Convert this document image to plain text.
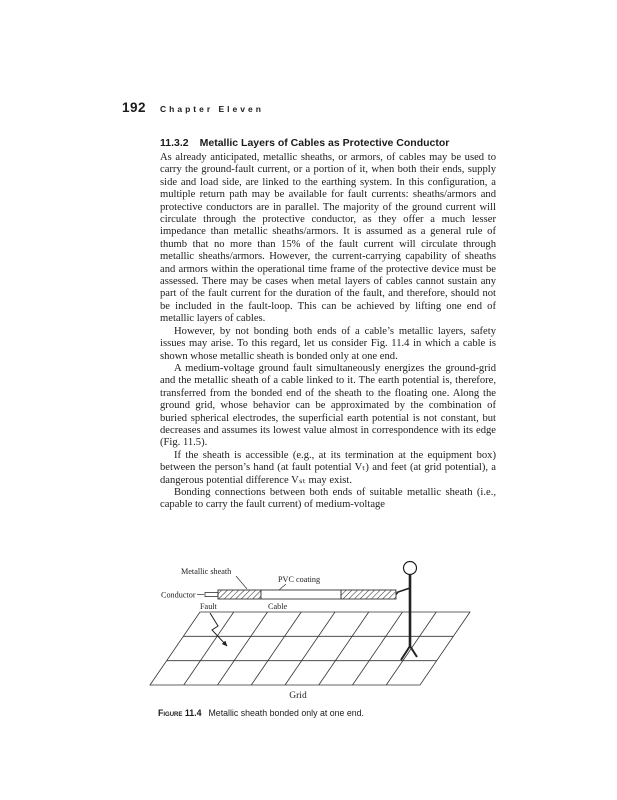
192 Chapter Eleven
11.3.2 Metallic Layers of Cables as Protective Conductor

As already anticipated, metallic sheaths, or armors, of cables may be used to carry the ground-fault current, or a portion of it, when both their ends, supply side and load side, are linked to the earthing system. In this configuration, a multiple return path may be available for fault currents: sheaths/armors and protective conductors are in parallel. The majority of the ground current will circulate through the protective conductor, as they offer a much lesser impedance than metallic sheaths/armors. It is assumed as a general rule of thumb that no more than 15% of the fault current will circulate through metallic sheaths/armors. However, the current-carrying capability of sheaths and armors within the operational time frame of the protective device must be assessed. There may be cases when metal layers of cables cannot sustain any part of the fault current for the duration of the fault, and therefore, should not be included in the fault-loop. This can be achieved by lifting one end of metallic layers of cables.

However, by not bonding both ends of a cable’s metallic layers, safety issues may arise. To this regard, let us consider Fig. 11.4 in which a cable is shown whose metallic sheath is bonded only at one end.

A medium-voltage ground fault simultaneously energizes the ground-grid and the metallic sheath of a cable linked to it. The earth potential is, therefore, transferred from the bonded end of the sheath to the floating one. Along the ground grid, whose behavior can be approximated by the combination of buried spherical electrodes, the superficial earth potential is not constant, but decreases and assumes its lowest value almost in correspondence with its edge (Fig. 11.5).

If the sheath is accessible (e.g., at its termination at the equipment box) between the person’s hand (at fault potential Vₜ) and feet (at grid potential), a dangerous potential difference Vₛₜ may exist.

Bonding connections between both ends of suitable metallic sheath (i.e., capable to carry the fault current) of medium-voltage

Metallic sheath
PVC coating
Conductor
Fault	Cable
Grid
Figure 11.4 Metallic sheath bonded only at one end.
